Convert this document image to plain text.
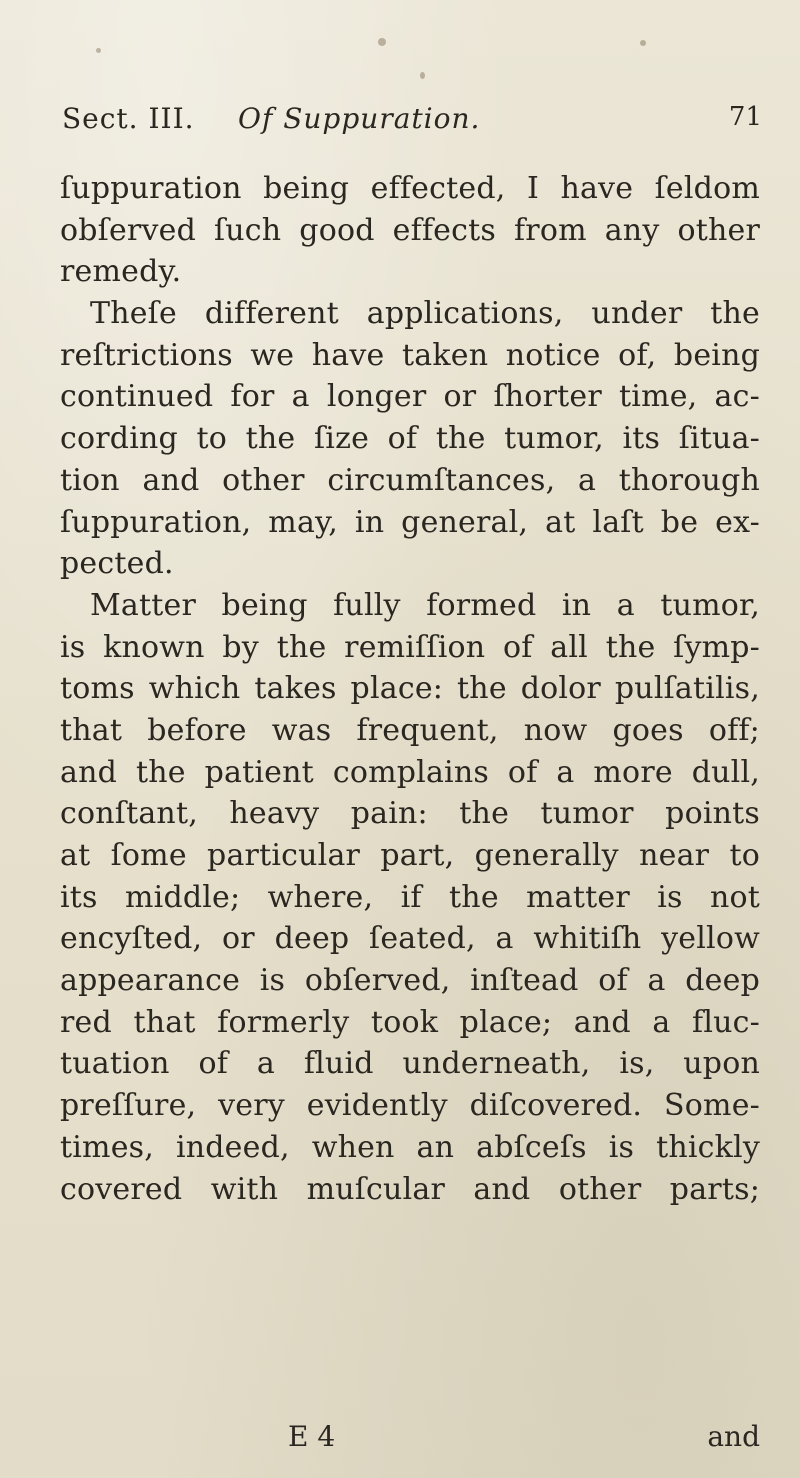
Sect. III. Of Suppuration.	71
ſuppuration being effected, I have ſeldom
obſerved ſuch good effects from any other
remedy.
Theſe different applications, under the
reſtrictions we have taken notice of, being
continued for a longer or ſhorter time, ac-
cording to the ſize of the tumor, its ſitua-
tion and other circumſtances, a thorough
ſuppuration, may, in general, at laſt be ex-
pected.
Matter being fully formed in a tumor,
is known by the remiſſion of all the ſymp-
toms which takes place: the dolor pulſatilis,
that before was frequent, now goes off;
and the patient complains of a more dull,
conſtant, heavy pain: the tumor points
at ſome particular part, generally near to
its middle; where, if the matter is not
encyſted, or deep ſeated, a whitiſh yellow
appearance is obſerved, inſtead of a deep
red that formerly took place; and a fluc-
tuation of a fluid underneath, is, upon
preſſure, very evidently diſcovered. Some-
times, indeed, when an abſceſs is thickly
covered with muſcular and other parts;
E 4	and
